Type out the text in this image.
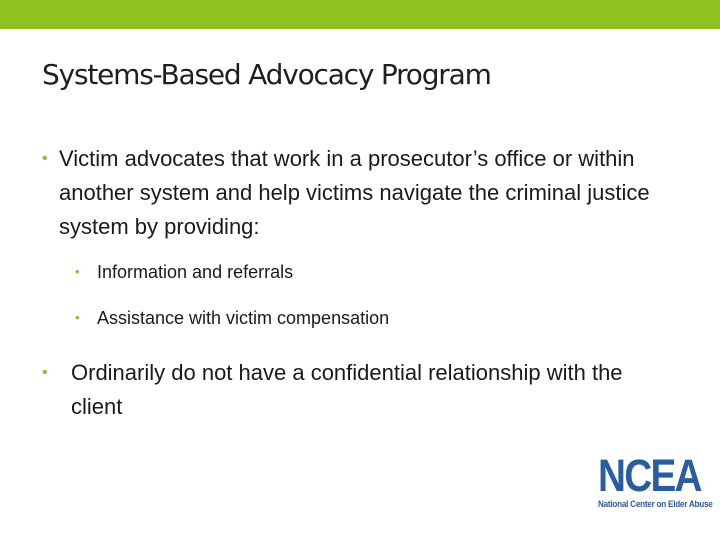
Systems-Based Advocacy Program
• Victim advocates that work in a prosecutor’s office or within another system and help victims navigate the criminal justice system by providing:
• Information and referrals
• Assistance with victim compensation
•	Ordinarily do not have a confidential relationship with the client
NCEA
National Center on Elder Abuse
